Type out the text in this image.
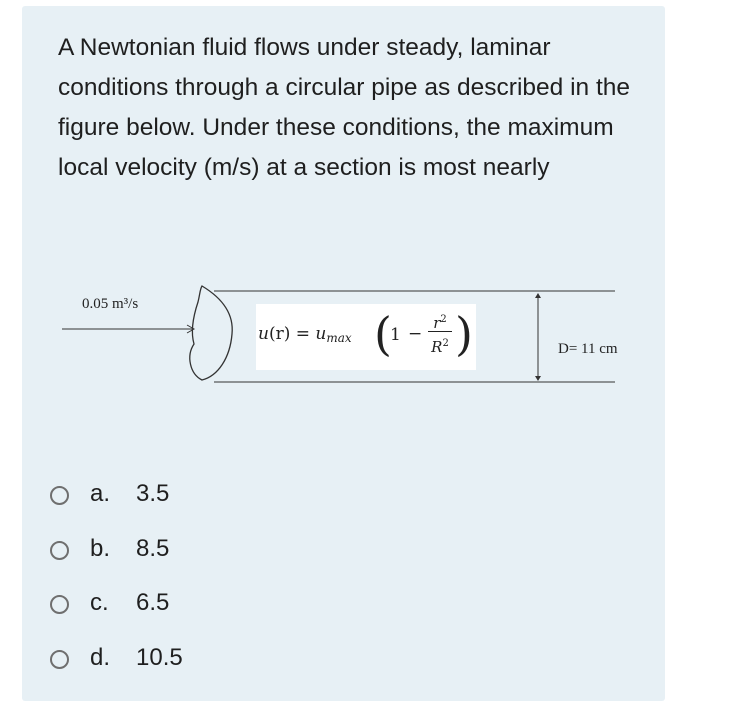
A Newtonian fluid flows under steady, laminar conditions through a circular pipe as described in the figure below. Under these conditions, the maximum local velocity (m/s) at a section is most nearly
0.05 m³/s
$u(r) = u_{max}$ (
1 −
$r^2$
$R^2$ )	D= 11 cm
a.	3.5
b.	8.5
c.	6.5
d.	10.5
